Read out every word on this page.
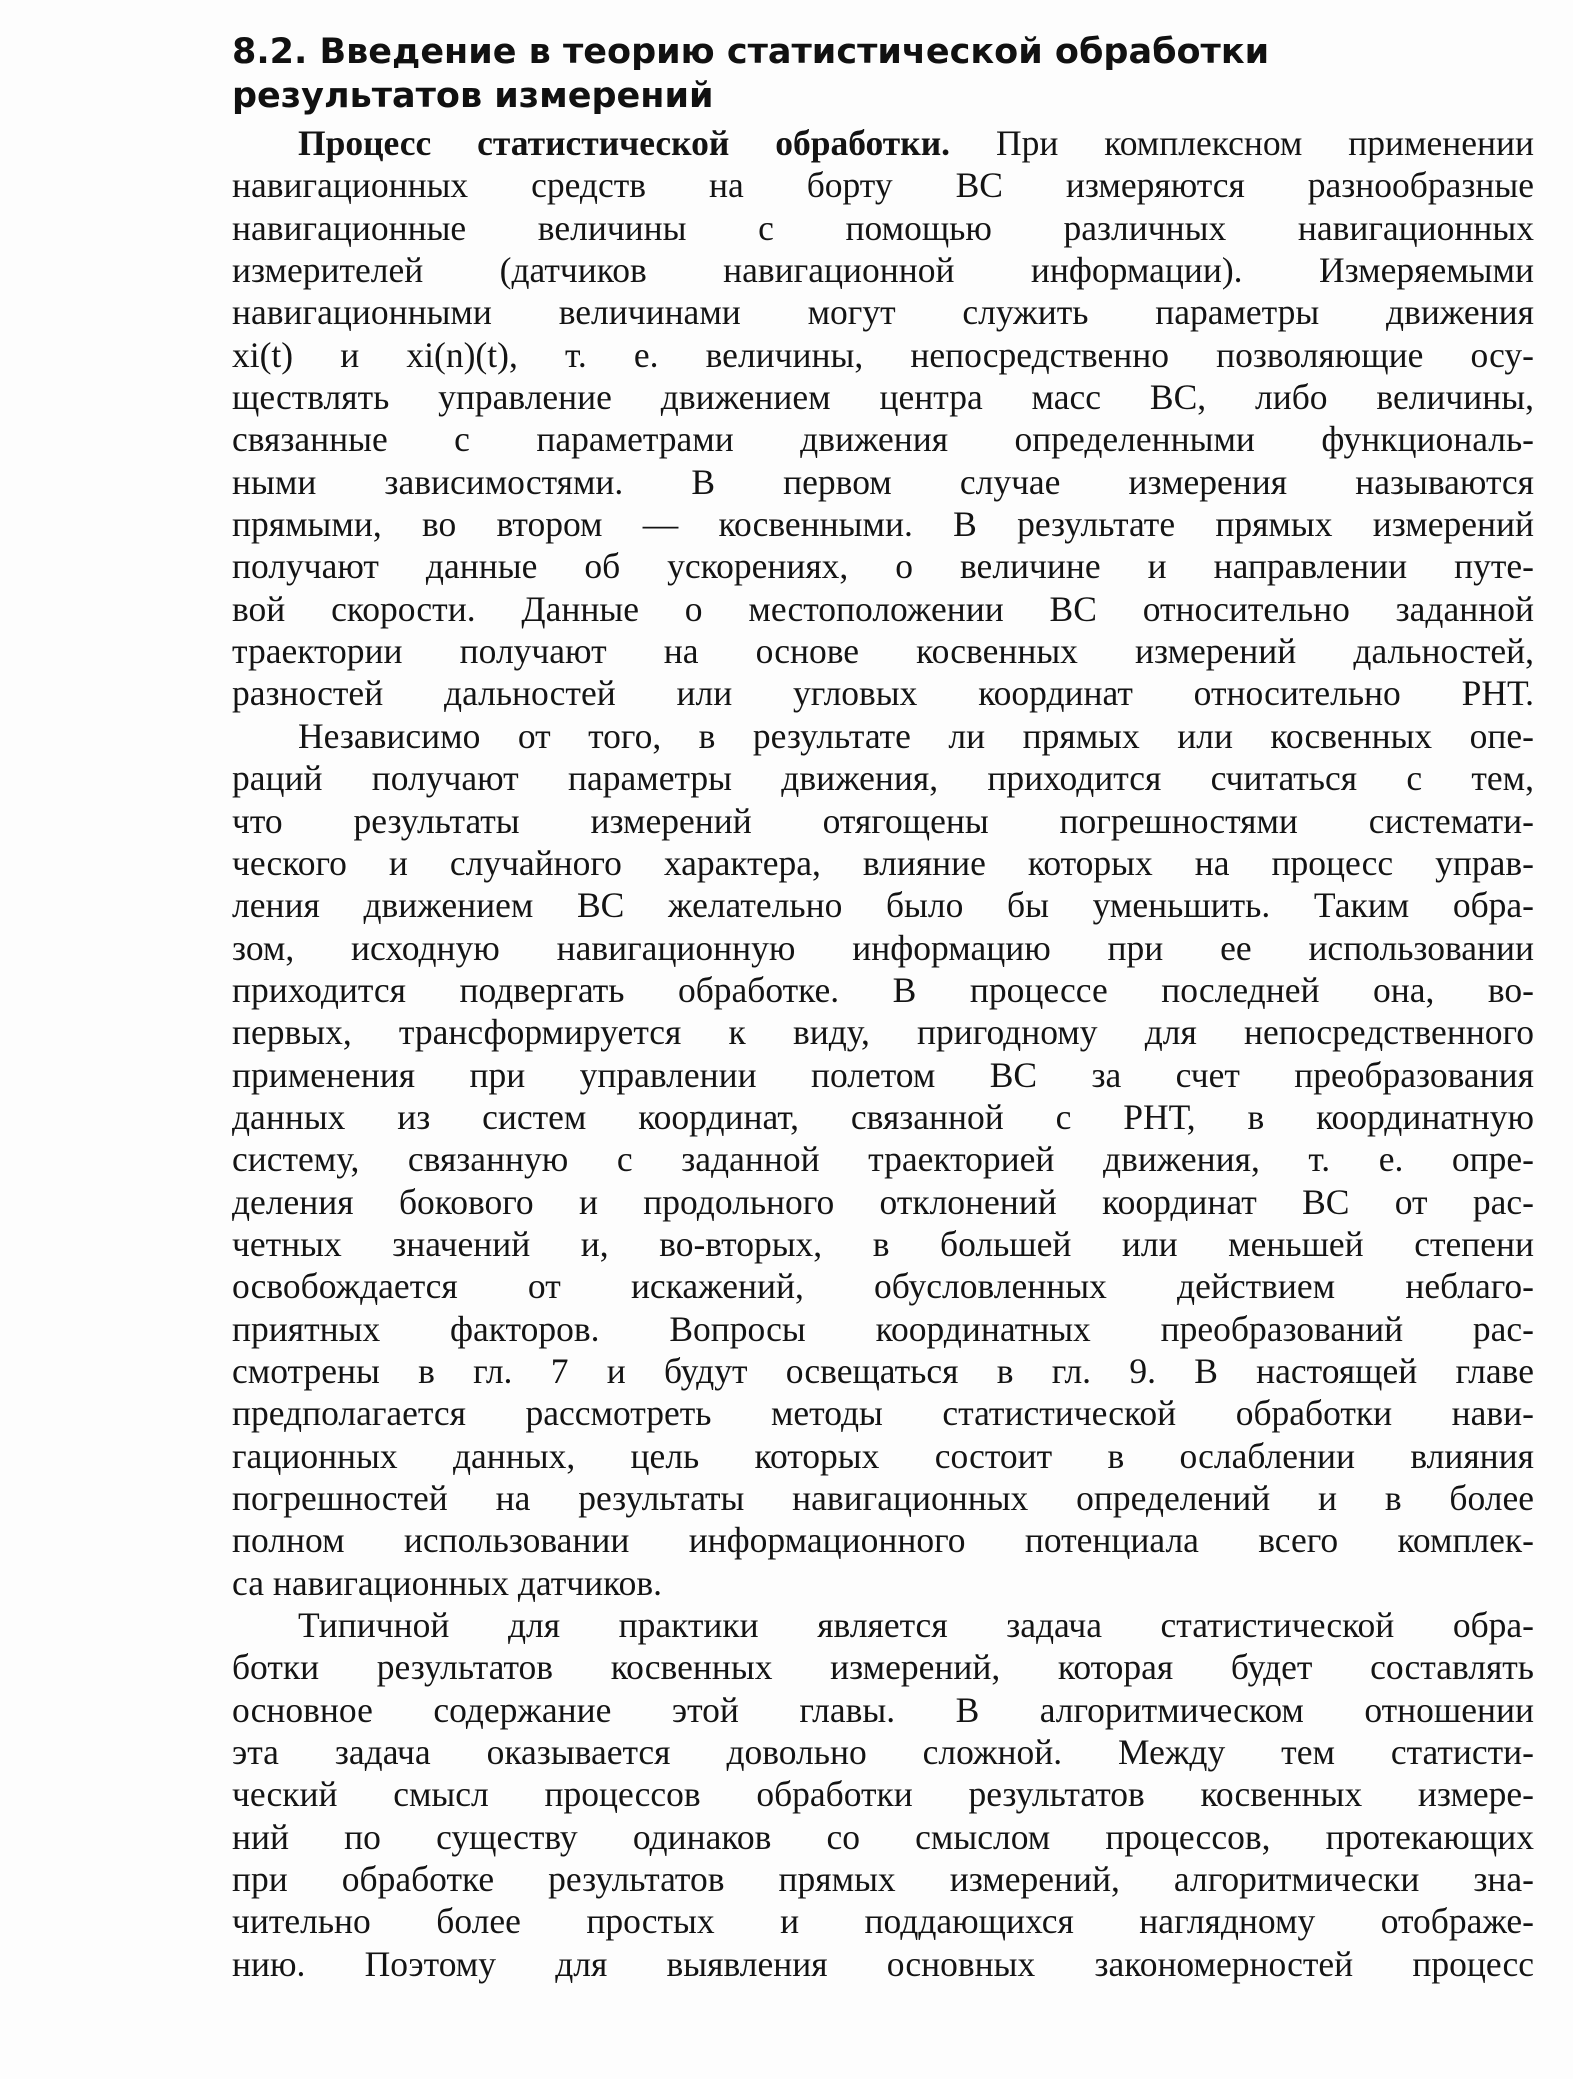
8.2. Введение в теорию статистической обработки
результатов измерений
Процесс статистической обработки. При комплексном применении
навигационных средств на борту ВС измеряются разнообразные
навигационные величины с помощью различных навигационных
измерителей (датчиков навигационной информации). Измеряемыми
навигационными величинами могут служить параметры движения
xi(t) и xi(n)(t), т. е. величины, непосредственно позволяющие осу-
ществлять управление движением центра масс ВС, либо величины,
связанные с параметрами движения определенными функциональ-
ными зависимостями. В первом случае измерения называются
прямыми, во втором — косвенными. В результате прямых измерений
получают данные об ускорениях, о величине и направлении путе-
вой скорости. Данные о местоположении ВС относительно заданной
траектории получают на основе косвенных измерений дальностей,
разностей дальностей или угловых координат относительно РНТ.
Независимо от того, в результате ли прямых или косвенных опе-
раций получают параметры движения, приходится считаться с тем,
что результаты измерений отягощены погрешностями системати-
ческого и случайного характера, влияние которых на процесс управ-
ления движением ВС желательно было бы уменьшить. Таким обра-
зом, исходную навигационную информацию при ее использовании
приходится подвергать обработке. В процессе последней она, во-
первых, трансформируется к виду, пригодному для непосредственного
применения при управлении полетом ВС за счет преобразования
данных из систем координат, связанной с РНТ, в координатную
систему, связанную с заданной траекторией движения, т. е. опре-
деления бокового и продольного отклонений координат ВС от рас-
четных значений и, во-вторых, в большей или меньшей степени
освобождается от искажений, обусловленных действием неблаго-
приятных факторов. Вопросы координатных преобразований рас-
смотрены в гл. 7 и будут освещаться в гл. 9. В настоящей главе
предполагается рассмотреть методы статистической обработки нави-
гационных данных, цель которых состоит в ослаблении влияния
погрешностей на результаты навигационных определений и в более
полном использовании информационного потенциала всего комплек-
са навигационных датчиков.
Типичной для практики является задача статистической обра-
ботки результатов косвенных измерений, которая будет составлять
основное содержание этой главы. В алгоритмическом отношении
эта задача оказывается довольно сложной. Между тем статисти-
ческий смысл процессов обработки результатов косвенных измере-
ний по существу одинаков со смыслом процессов, протекающих
при обработке результатов прямых измерений, алгоритмически зна-
чительно более простых и поддающихся наглядному отображе-
нию. Поэтому для выявления основных закономерностей процесс
